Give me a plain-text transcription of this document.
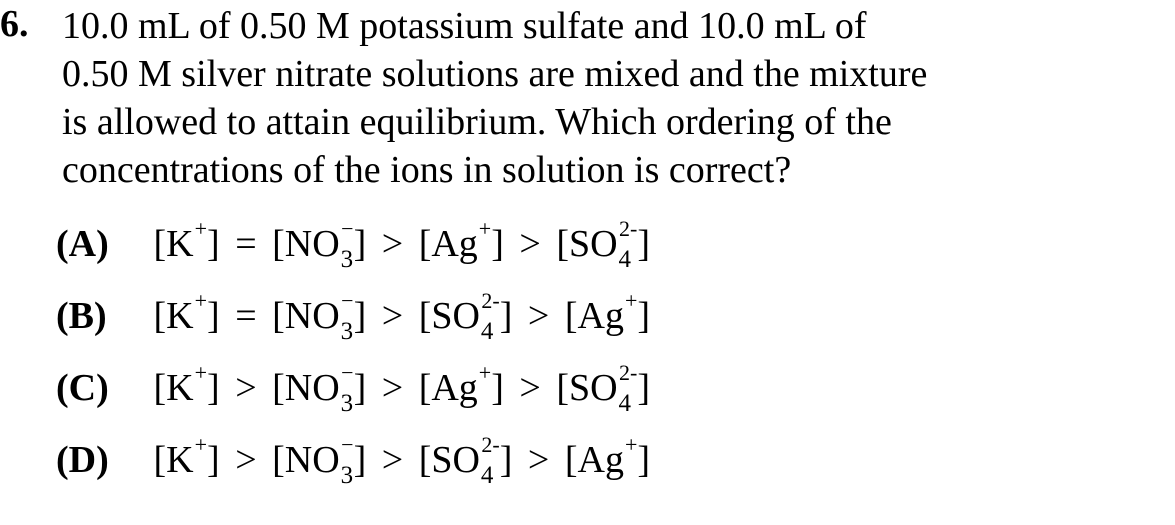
6. 10.0 mL of 0.50 M potassium sulfate and 10.0 mL of
0.50 M silver nitrate solutions are mixed and the mixture
is allowed to attain equilibrium. Which ordering of the
concentrations of the ions in solution is correct?
(A) $[K^+] = [NO_3^-] > [Ag^+] > [SO_4^{2-}]$
(B) $[K^+] = [NO_3^-] > [SO_4^{2-}] > [Ag^+]$
(C) $[K^+] > [NO_3^-] > [Ag^+] > [SO_4^{2-}]$
(D) $[K^+] > [NO_3^-] > [SO_4^{2-}] > [Ag^+]$
